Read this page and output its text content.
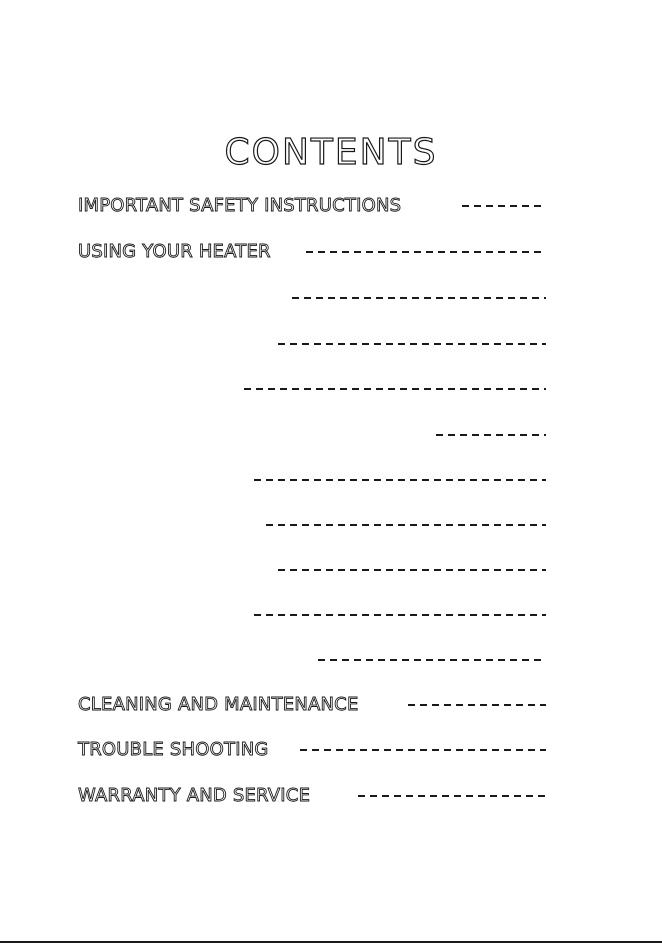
CONTENTS
IMPORTANT SAFETY INSTRUCTIONS
USING YOUR HEATER
CLEANING AND MAINTENANCE
TROUBLE SHOOTING
WARRANTY AND SERVICE
